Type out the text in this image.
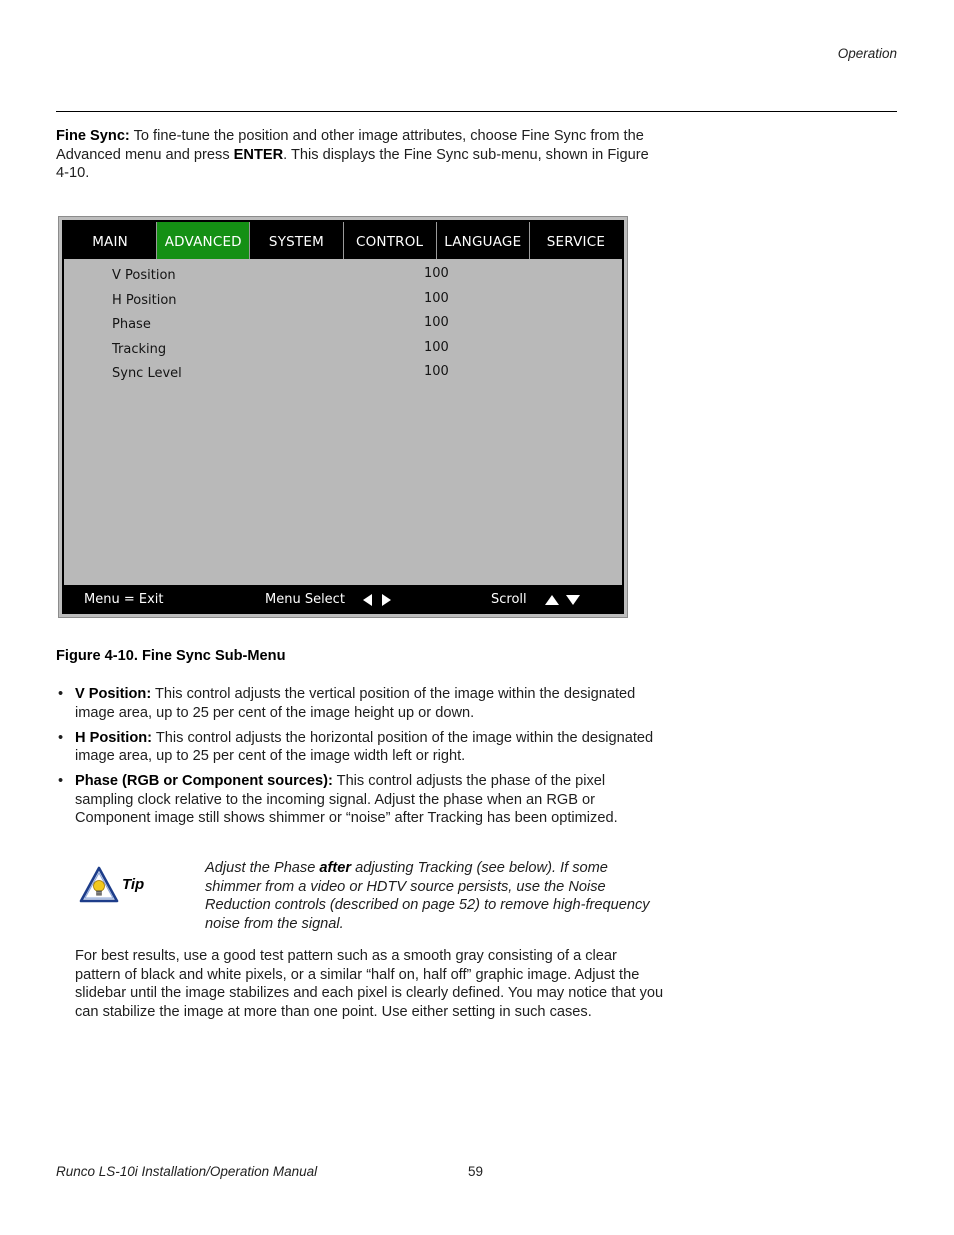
Operation
Fine Sync: To fine-tune the position and other image attributes, choose Fine Sync from the Advanced menu and press ENTER. This displays the Fine Sync sub-menu, shown in Figure 4-10.
MAIN	ADVANCED	SYSTEM	CONTROL	LANGUAGE	SERVICE
V Position	100
H Position	100
Phase	100
Tracking	100
Sync Level	100
Menu = Exit	Menu Select	Scroll
Figure 4-10. Fine Sync Sub-Menu
• V Position: This control adjusts the vertical position of the image within the designated image area, up to 25 per cent of the image height up or down.
• H Position: This control adjusts the horizontal position of the image within the designated image area, up to 25 per cent of the image width left or right.
• Phase (RGB or Component sources): This control adjusts the phase of the pixel sampling clock relative to the incoming signal. Adjust the phase when an RGB or Component image still shows shimmer or “noise” after Tracking has been optimized.
Tip
Adjust the Phase after adjusting Tracking (see below). If some shimmer from a video or HDTV source persists, use the Noise Reduction controls (described on page 52) to remove high-frequency noise from the signal.
For best results, use a good test pattern such as a smooth gray consisting of a clear pattern of black and white pixels, or a similar “half on, half off” graphic image. Adjust the slidebar until the image stabilizes and each pixel is clearly defined. You may notice that you can stabilize the image at more than one point. Use either setting in such cases.
Runco LS-10i Installation/Operation Manual	59
